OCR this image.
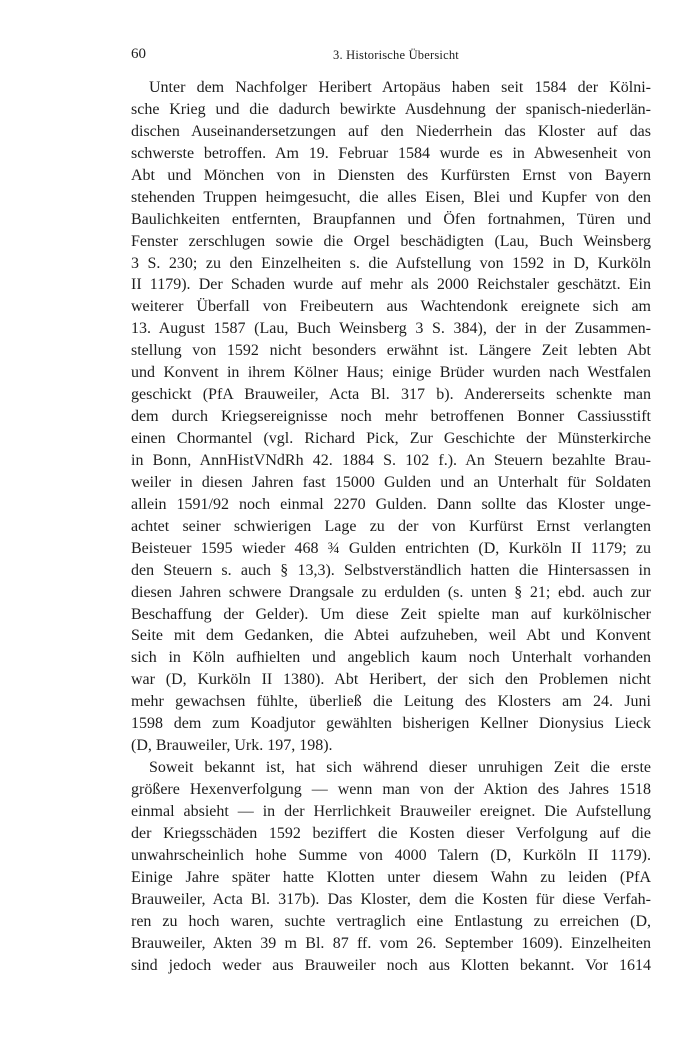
60	3. Historische Übersicht
Unter dem Nachfolger Heribert Artopäus haben seit 1584 der Kölni-
sche Krieg und die dadurch bewirkte Ausdehnung der spanisch-niederlän-
dischen Auseinandersetzungen auf den Niederrhein das Kloster auf das
schwerste betroffen. Am 19. Februar 1584 wurde es in Abwesenheit von
Abt und Mönchen von in Diensten des Kurfürsten Ernst von Bayern
stehenden Truppen heimgesucht, die alles Eisen, Blei und Kupfer von den
Baulichkeiten entfernten, Braupfannen und Öfen fortnahmen, Türen und
Fenster zerschlugen sowie die Orgel beschädigten (Lau, Buch Weinsberg
3 S. 230; zu den Einzelheiten s. die Aufstellung von 1592 in D, Kurköln
II 1179). Der Schaden wurde auf mehr als 2000 Reichstaler geschätzt. Ein
weiterer Überfall von Freibeutern aus Wachtendonk ereignete sich am
13. August 1587 (Lau, Buch Weinsberg 3 S. 384), der in der Zusammen-
stellung von 1592 nicht besonders erwähnt ist. Längere Zeit lebten Abt
und Konvent in ihrem Kölner Haus; einige Brüder wurden nach Westfalen
geschickt (PfA Brauweiler, Acta Bl. 317 b). Andererseits schenkte man
dem durch Kriegsereignisse noch mehr betroffenen Bonner Cassiusstift
einen Chormantel (vgl. Richard Pick, Zur Geschichte der Münsterkirche
in Bonn, AnnHistVNdRh 42. 1884 S. 102 f.). An Steuern bezahlte Brau-
weiler in diesen Jahren fast 15000 Gulden und an Unterhalt für Soldaten
allein 1591/92 noch einmal 2270 Gulden. Dann sollte das Kloster unge-
achtet seiner schwierigen Lage zu der von Kurfürst Ernst verlangten
Beisteuer 1595 wieder 468 ¾ Gulden entrichten (D, Kurköln II 1179; zu
den Steuern s. auch § 13,3). Selbstverständlich hatten die Hintersassen in
diesen Jahren schwere Drangsale zu erdulden (s. unten § 21; ebd. auch zur
Beschaffung der Gelder). Um diese Zeit spielte man auf kurkölnischer
Seite mit dem Gedanken, die Abtei aufzuheben, weil Abt und Konvent
sich in Köln aufhielten und angeblich kaum noch Unterhalt vorhanden
war (D, Kurköln II 1380). Abt Heribert, der sich den Problemen nicht
mehr gewachsen fühlte, überließ die Leitung des Klosters am 24. Juni
1598 dem zum Koadjutor gewählten bisherigen Kellner Dionysius Lieck
(D, Brauweiler, Urk. 197, 198).
Soweit bekannt ist, hat sich während dieser unruhigen Zeit die erste
größere Hexenverfolgung — wenn man von der Aktion des Jahres 1518
einmal absieht — in der Herrlichkeit Brauweiler ereignet. Die Aufstellung
der Kriegsschäden 1592 beziffert die Kosten dieser Verfolgung auf die
unwahrscheinlich hohe Summe von 4000 Talern (D, Kurköln II 1179).
Einige Jahre später hatte Klotten unter diesem Wahn zu leiden (PfA
Brauweiler, Acta Bl. 317b). Das Kloster, dem die Kosten für diese Verfah-
ren zu hoch waren, suchte vertraglich eine Entlastung zu erreichen (D,
Brauweiler, Akten 39 m Bl. 87 ff. vom 26. September 1609). Einzelheiten
sind jedoch weder aus Brauweiler noch aus Klotten bekannt. Vor 1614
